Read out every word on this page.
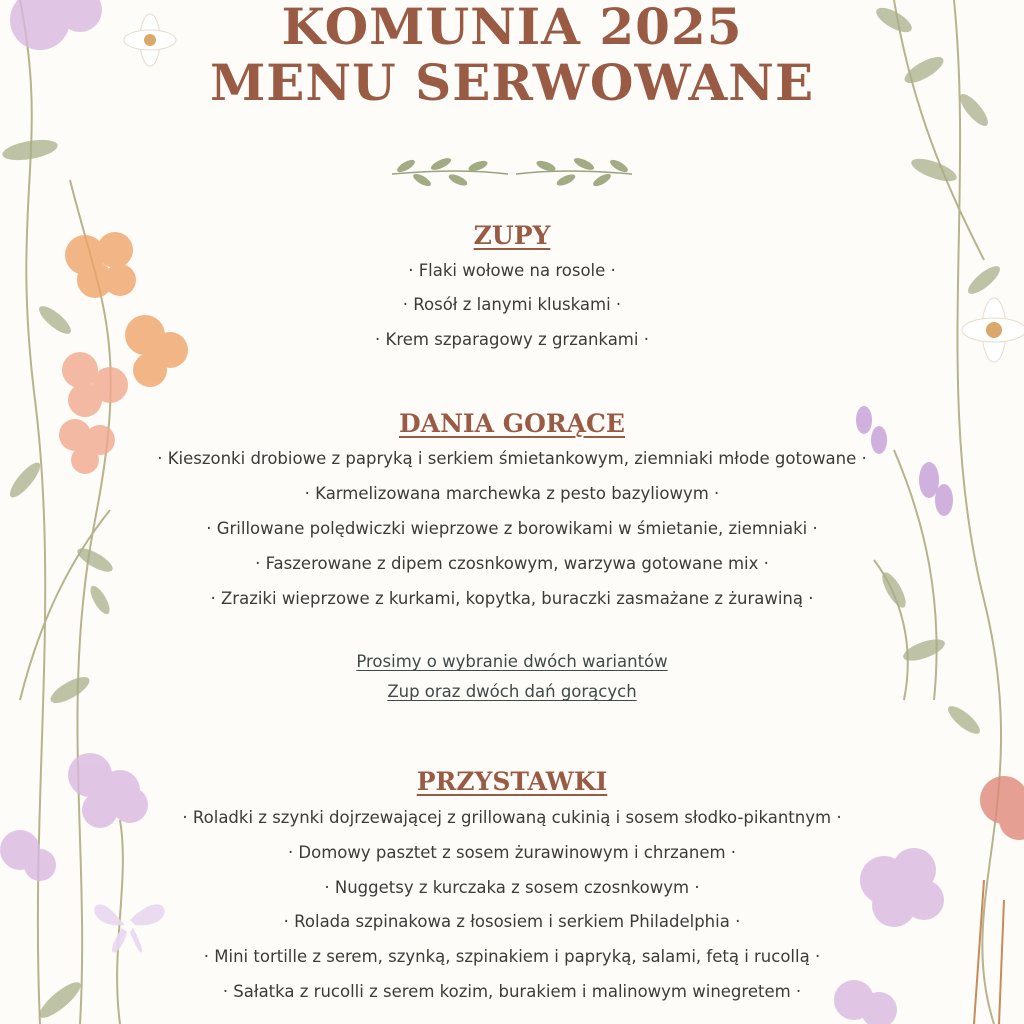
KOMUNIA 2025
MENU SERWOWANE
ZUPY
· Flaki wołowe na rosole ·
· Rosół z lanymi kluskami ·
· Krem szparagowy z grzankami ·
DANIA GORĄCE
· Kieszonki drobiowe z papryką i serkiem śmietankowym, ziemniaki młode gotowane ·
· Karmelizowana marchewka z pesto bazyliowym ·
· Grillowane polędwiczki wieprzowe z borowikami w śmietanie, ziemniaki ·
· Faszerowane z dipem czosnkowym, warzywa gotowane mix ·
· Zraziki wieprzowe z kurkami, kopytka, buraczki zasmażane z żurawiną ·
Prosimy o wybranie dwóch wariantów
Zup oraz dwóch dań gorących
PRZYSTAWKI
· Roladki z szynki dojrzewającej z grillowaną cukinią i sosem słodko-pikantnym ·
· Domowy pasztet z sosem żurawinowym i chrzanem ·
· Nuggetsy z kurczaka z sosem czosnkowym ·
· Rolada szpinakowa z łososiem i serkiem Philadelphia ·
· Mini tortille z serem, szynką, szpinakiem i papryką, salami, fetą i rucollą ·
· Sałatka z rucolli z serem kozim, burakiem i malinowym winegretem ·
